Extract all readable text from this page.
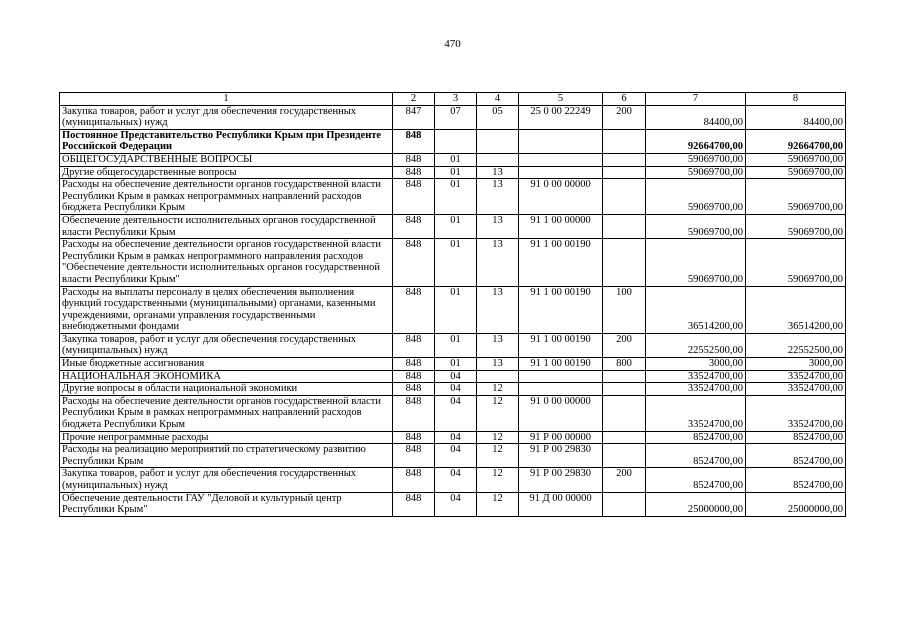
470
1	2	3	4	5	6	7	8
Закупка товаров, работ и услуг для обеспечения государственных (муниципальных) нужд	847	07	05	25 0 00 22249	200	84400,00	84400,00
Постоянное Представительство Республики Крым при Президенте Российской Федерации	848					92664700,00	92664700,00
ОБЩЕГОСУДАРСТВЕННЫЕ ВОПРОСЫ	848	01				59069700,00	59069700,00
Другие общегосударственные вопросы	848	01	13			59069700,00	59069700,00
Расходы на обеспечение деятельности органов государственной власти Республики Крым в рамках непрограммных направлений расходов бюджета Республики Крым	848	01	13	91 0 00 00000		59069700,00	59069700,00
Обеспечение деятельности исполнительных органов государственной власти Республики Крым	848	01	13	91 1 00 00000		59069700,00	59069700,00
Расходы на обеспечение деятельности органов государственной власти Республики Крым в рамках непрограммного направления расходов "Обеспечение деятельности исполнительных органов государственной власти Республики Крым"	848	01	13	91 1 00 00190		59069700,00	59069700,00
Расходы на выплаты персоналу в целях обеспечения выполнения функций государственными (муниципальными) органами, казенными учреждениями, органами управления государственными внебюджетными фондами	848	01	13	91 1 00 00190	100	36514200,00	36514200,00
Закупка товаров, работ и услуг для обеспечения государственных (муниципальных) нужд	848	01	13	91 1 00 00190	200	22552500,00	22552500,00
Иные бюджетные ассигнования	848	01	13	91 1 00 00190	800	3000,00	3000,00
НАЦИОНАЛЬНАЯ ЭКОНОМИКА	848	04				33524700,00	33524700,00
Другие вопросы в области национальной экономики	848	04	12			33524700,00	33524700,00
Расходы на обеспечение деятельности органов государственной власти Республики Крым в рамках непрограммных направлений расходов бюджета Республики Крым	848	04	12	91 0 00 00000		33524700,00	33524700,00
Прочие непрограммные расходы	848	04	12	91 Р 00 00000		8524700,00	8524700,00
Расходы на реализацию мероприятий по стратегическому развитию Республики Крым	848	04	12	91 Р 00 29830		8524700,00	8524700,00
Закупка товаров, работ и услуг для обеспечения государственных (муниципальных) нужд	848	04	12	91 Р 00 29830	200	8524700,00	8524700,00
Обеспечение деятельности ГАУ "Деловой и культурный центр Республики Крым"	848	04	12	91 Д 00 00000		25000000,00	25000000,00
